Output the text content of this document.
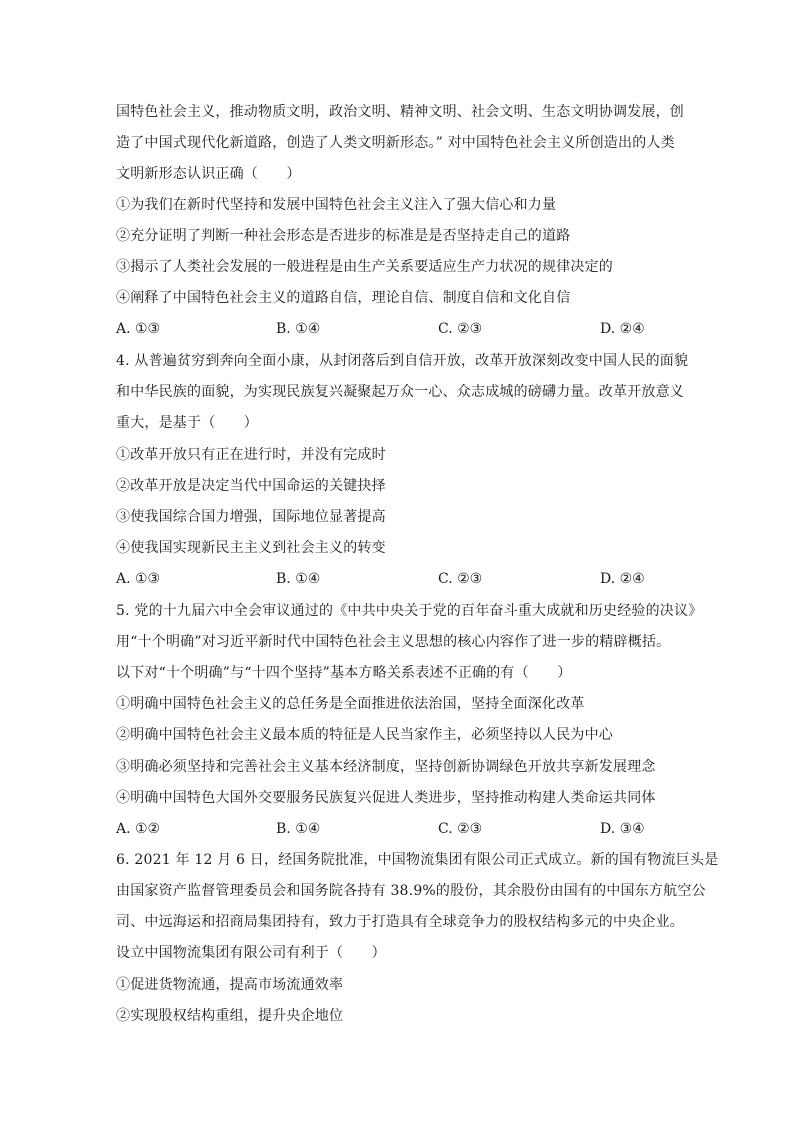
国特色社会主义，推动物质文明，政治文明、精神文明、社会文明、生态文明协调发展，创
造了中国式现代化新道路，创造了人类文明新形态。” 对中国特色社会主义所创造出的人类
文明新形态认识正确（　　）
①为我们在新时代坚持和发展中国特色社会主义注入了强大信心和力量
②充分证明了判断一种社会形态是否进步的标准是是否坚持走自己的道路
③揭示了人类社会发展的一般进程是由生产关系要适应生产力状况的规律决定的
④阐释了中国特色社会主义的道路自信，理论自信、制度自信和文化自信
A. ①③	B. ①④	C. ②③	D. ②④
4. 从普遍贫穷到奔向全面小康，从封闭落后到自信开放，改革开放深刻改变中国人民的面貌
和中华民族的面貌，为实现民族复兴凝聚起万众一心、众志成城的磅礴力量。改革开放意义
重大，是基于（　　）
①改革开放只有正在进行时，并没有完成时
②改革开放是决定当代中国命运的关键抉择
③使我国综合国力增强，国际地位显著提高
④使我国实现新民主主义到社会主义的转变
A. ①③	B. ①④	C. ②③	D. ②④
5. 党的十九届六中全会审议通过的《中共中央关于党的百年奋斗重大成就和历史经验的决议》
用“十个明确”对习近平新时代中国特色社会主义思想的核心内容作了进一步的精辟概括。
以下对“十个明确”与“十四个坚持”基本方略关系表述不正确的有（　　）
①明确中国特色社会主义的总任务是全面推进依法治国，坚持全面深化改革
②明确中国特色社会主义最本质的特征是人民当家作主，必须坚持以人民为中心
③明确必须坚持和完善社会主义基本经济制度，坚持创新协调绿色开放共享新发展理念
④明确中国特色大国外交要服务民族复兴促进人类进步，坚持推动构建人类命运共同体
A. ①②	B. ①④	C. ②③	D. ③④
6. 2021 年 12 月 6 日，经国务院批准，中国物流集团有限公司正式成立。新的国有物流巨头是
由国家资产监督管理委员会和国务院各持有 38.9%的股份，其余股份由国有的中国东方航空公
司、中远海运和招商局集团持有，致力于打造具有全球竞争力的股权结构多元的中央企业。
设立中国物流集团有限公司有利于（　　）
①促进货物流通，提高市场流通效率
②实现股权结构重组，提升央企地位
